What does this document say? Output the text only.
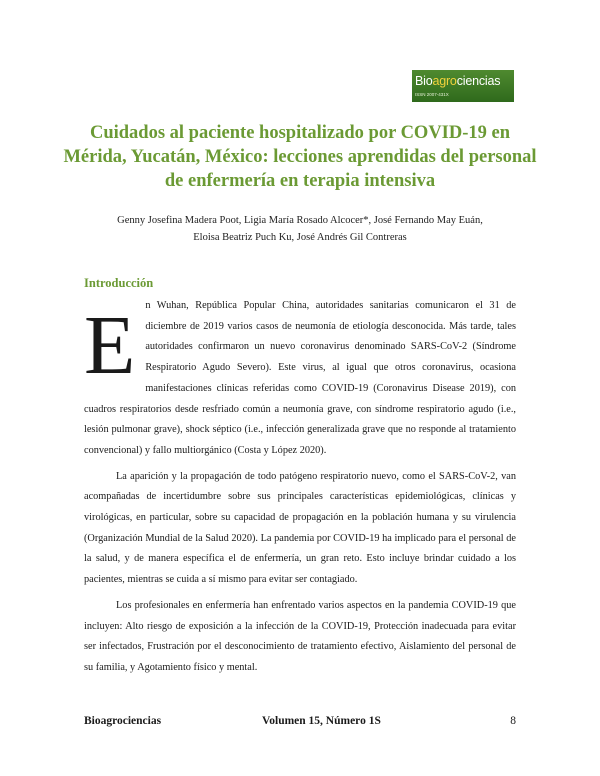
Bioagrociencias
ISSN 2007-431X
Cuidados al paciente hospitalizado por COVID-19 en Mérida, Yucatán, México: lecciones aprendidas del personal de enfermería en terapia intensiva
Genny Josefina Madera Poot, Ligia María Rosado Alcocer*, José Fernando May Euán,
Eloisa Beatriz Puch Ku, José Andrés Gil Contreras
Introducción

En Wuhan, República Popular China, autoridades sanitarias comunicaron el 31 de diciembre de 2019 varios casos de neumonía de etiología desconocida. Más tarde, tales autoridades confirmaron un nuevo coronavirus denominado SARS-CoV-2 (Síndrome Respiratorio Agudo Severo). Este virus, al igual que otros coronavirus, ocasiona manifestaciones clínicas referidas como COVID-19 (Coronavirus Disease 2019), con cuadros respiratorios desde resfriado común a neumonía grave, con síndrome respiratorio agudo (i.e., lesión pulmonar grave), shock séptico (i.e., infección generalizada grave que no responde al tratamiento convencional) y fallo multiorgánico (Costa y López 2020).

La aparición y la propagación de todo patógeno respiratorio nuevo, como el SARS-CoV-2, van acompañadas de incertidumbre sobre sus principales características epidemiológicas, clínicas y virológicas, en particular, sobre su capacidad de propagación en la población humana y su virulencia (Organización Mundial de la Salud 2020). La pandemia por COVID-19 ha implicado para el personal de la salud, y de manera específica el de enfermería, un gran reto. Esto incluye brindar cuidado a los pacientes, mientras se cuida a sí mismo para evitar ser contagiado.

Los profesionales en enfermería han enfrentado varios aspectos en la pandemia COVID-19 que incluyen: Alto riesgo de exposición a la infección de la COVID-19, Protección inadecuada para evitar ser infectados, Frustración por el desconocimiento de tratamiento efectivo, Aislamiento del personal de su familia, y Agotamiento físico y mental.

Bioagrociencias	Volumen 15, Número 1S	8
